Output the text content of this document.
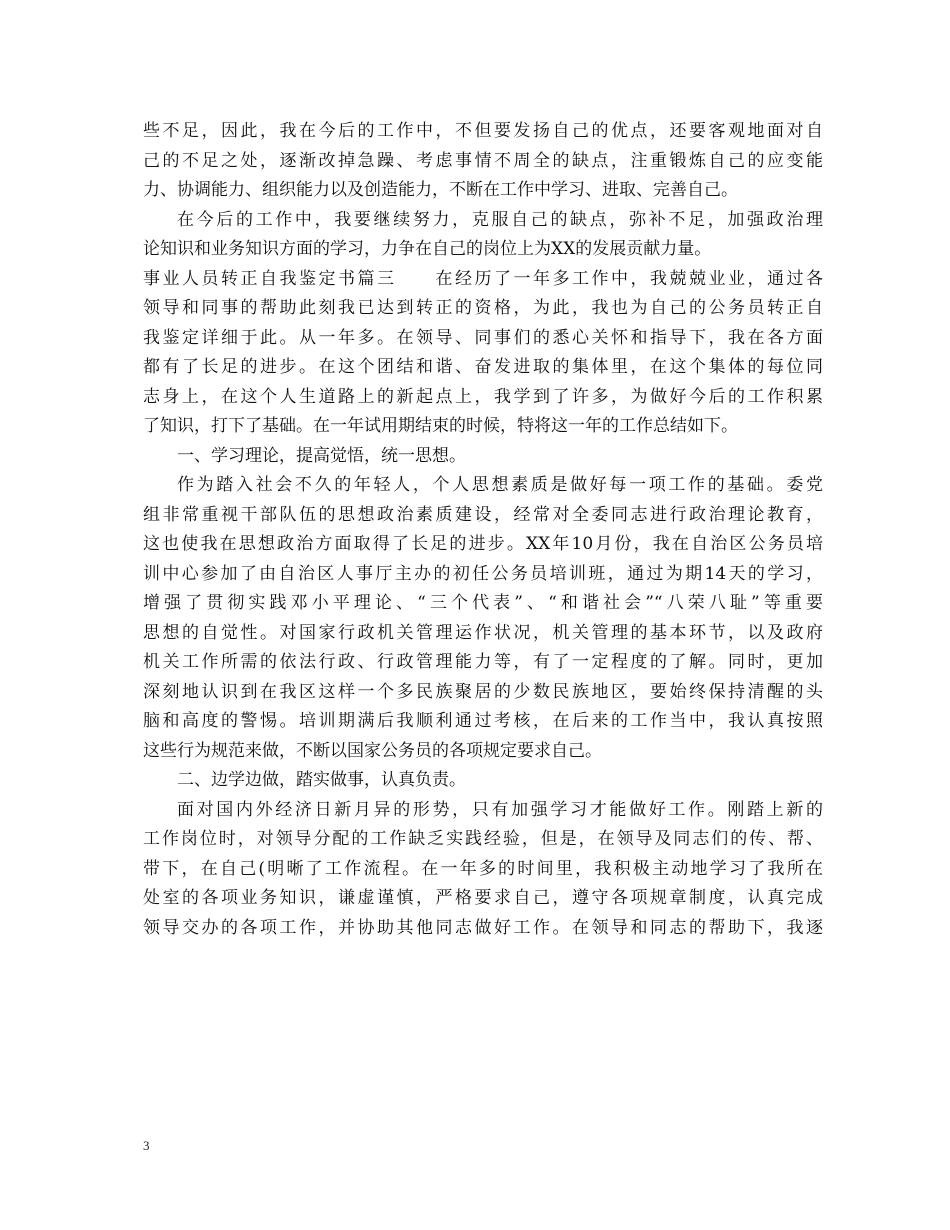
些不足，因此，我在今后的工作中，不但要发扬自己的优点，还要客观地面对自
己的不足之处，逐渐改掉急躁、考虑事情不周全的缺点，注重锻炼自己的应变能
力、协调能力、组织能力以及创造能力，不断在工作中学习、进取、完善自己。
在今后的工作中，我要继续努力，克服自己的缺点，弥补不足，加强政治理
论知识和业务知识方面的学习，力争在自己的岗位上为XX的发展贡献力量。
事业人员转正自我鉴定书篇三　　在经历了一年多工作中，我兢兢业业，通过各
领导和同事的帮助此刻我已达到转正的资格，为此，我也为自己的公务员转正自
我鉴定详细于此。从一年多。在领导、同事们的悉心关怀和指导下，我在各方面
都有了长足的进步。在这个团结和谐、奋发进取的集体里，在这个集体的每位同
志身上，在这个人生道路上的新起点上，我学到了许多，为做好今后的工作积累
了知识，打下了基础。在一年试用期结束的时候，特将这一年的工作总结如下。
一、学习理论，提高觉悟，统一思想。
作为踏入社会不久的年轻人，个人思想素质是做好每一项工作的基础。委党
组非常重视干部队伍的思想政治素质建设，经常对全委同志进行政治理论教育，
这也使我在思想政治方面取得了长足的进步。XX年10月份，我在自治区公务员培
训中心参加了由自治区人事厅主办的初任公务员培训班，通过为期14天的学习，
增强了贯彻实践邓小平理论、“三个代表”、“和谐社会”“八荣八耻”等重要
思想的自觉性。对国家行政机关管理运作状况，机关管理的基本环节，以及政府
机关工作所需的依法行政、行政管理能力等，有了一定程度的了解。同时，更加
深刻地认识到在我区这样一个多民族聚居的少数民族地区，要始终保持清醒的头
脑和高度的警惕。培训期满后我顺利通过考核，在后来的工作当中，我认真按照
这些行为规范来做，不断以国家公务员的各项规定要求自己。
二、边学边做，踏实做事，认真负责。
面对国内外经济日新月异的形势，只有加强学习才能做好工作。刚踏上新的
工作岗位时，对领导分配的工作缺乏实践经验，但是，在领导及同志们的传、帮、
带下，在自己(明晰了工作流程。在一年多的时间里，我积极主动地学习了我所在
处室的各项业务知识，谦虚谨慎，严格要求自己，遵守各项规章制度，认真完成
领导交办的各项工作，并协助其他同志做好工作。在领导和同志的帮助下，我逐
3
